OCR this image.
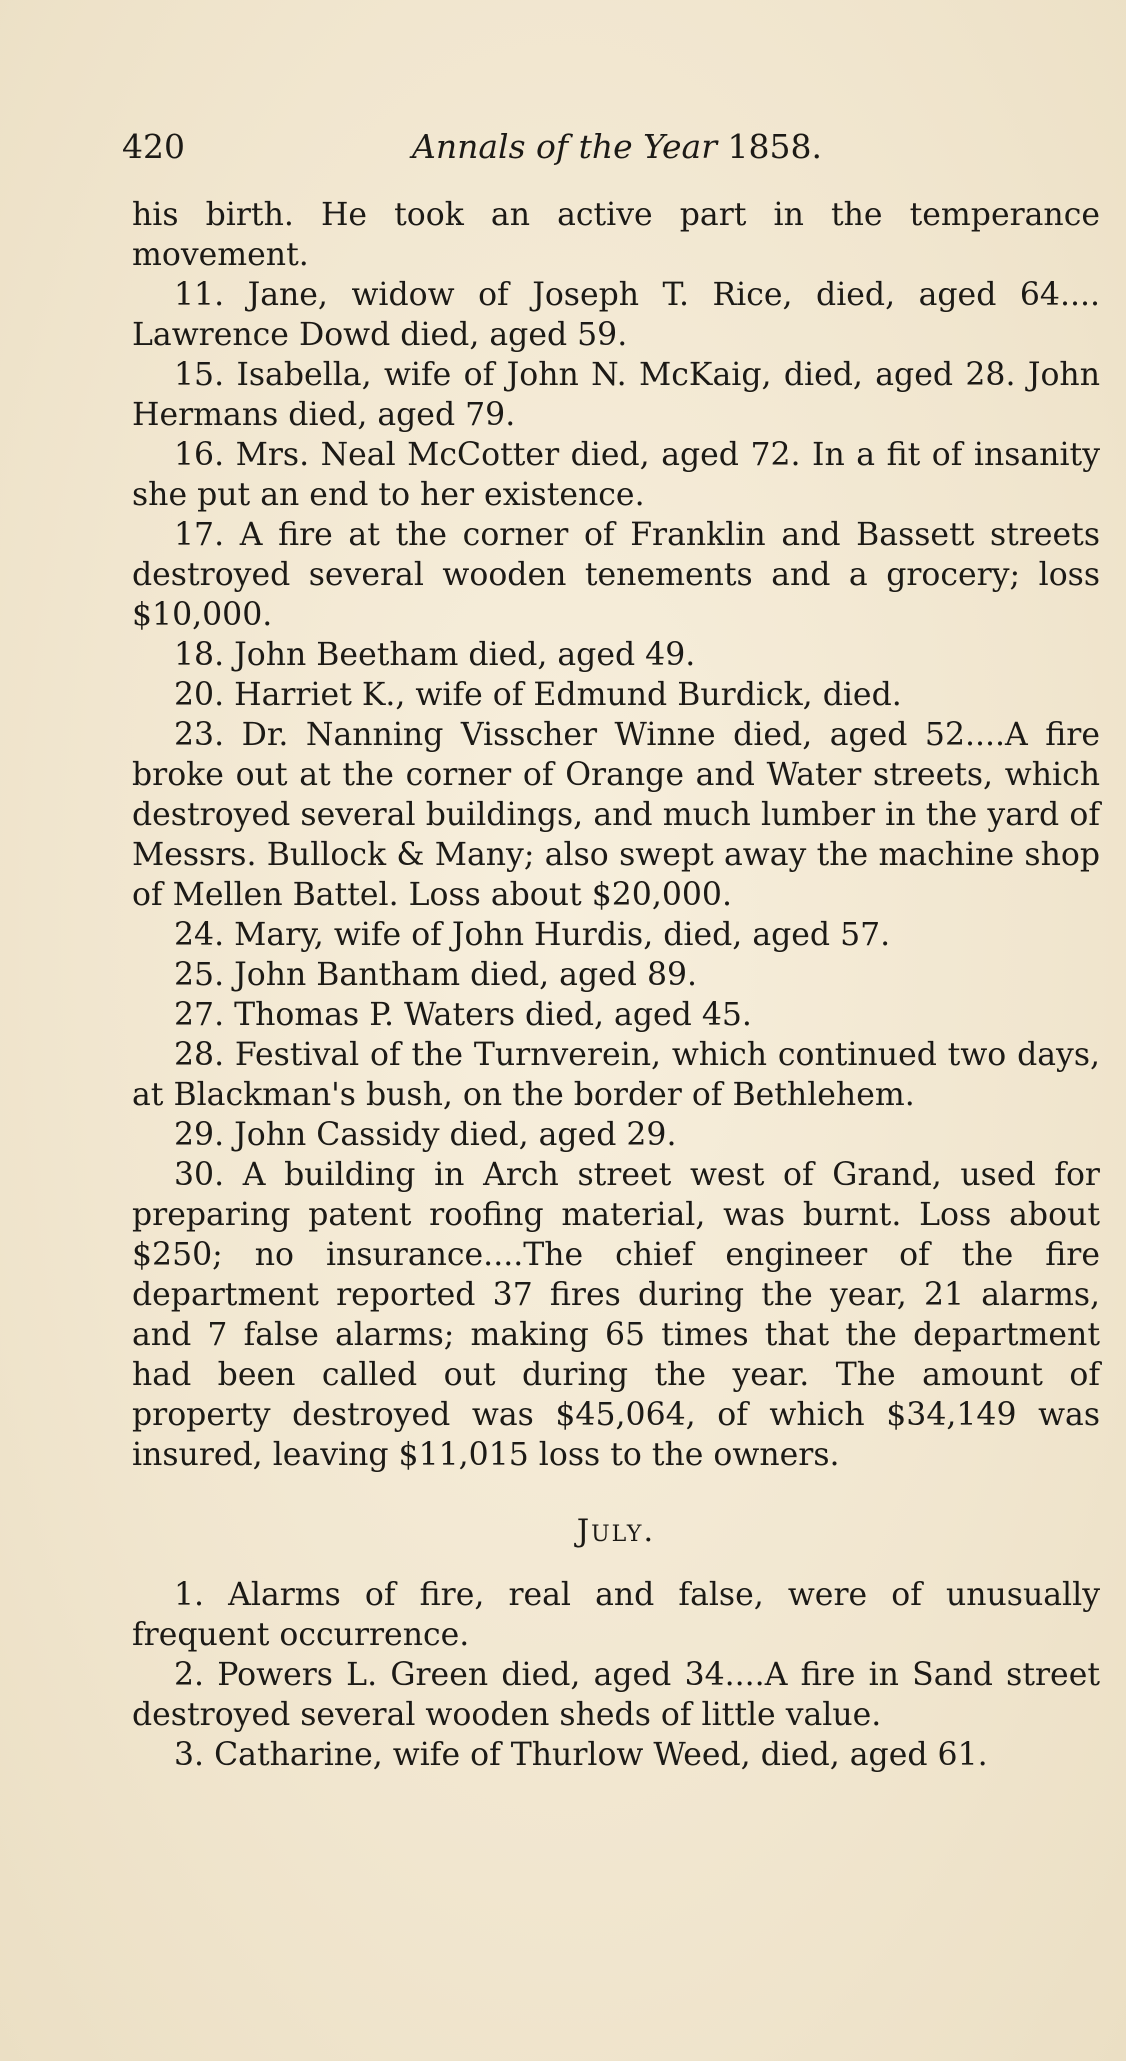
420	Annals of the Year 1858.

his birth. He took an active part in the temperance movement.

11. Jane, widow of Joseph T. Rice, died, aged 64.... Lawrence Dowd died, aged 59.

15. Isabella, wife of John N. McKaig, died, aged 28. John Hermans died, aged 79.

16. Mrs. Neal McCotter died, aged 72. In a fit of insanity she put an end to her existence.

17. A fire at the corner of Franklin and Bassett streets destroyed several wooden tenements and a grocery; loss $10,000.

18. John Beetham died, aged 49.

20. Harriet K., wife of Edmund Burdick, died.

23. Dr. Nanning Visscher Winne died, aged 52....A fire broke out at the corner of Orange and Water streets, which destroyed several buildings, and much lumber in the yard of Messrs. Bullock & Many; also swept away the machine shop of Mellen Battel. Loss about $20,000.

24. Mary, wife of John Hurdis, died, aged 57.

25. John Bantham died, aged 89.

27. Thomas P. Waters died, aged 45.

28. Festival of the Turnverein, which continued two days, at Blackman's bush, on the border of Bethlehem.

29. John Cassidy died, aged 29.

30. A building in Arch street west of Grand, used for preparing patent roofing material, was burnt. Loss about $250; no insurance....The chief engineer of the fire department reported 37 fires during the year, 21 alarms, and 7 false alarms; making 65 times that the department had been called out during the year. The amount of property destroyed was $45,064, of which $34,149 was insured, leaving $11,015 loss to the owners.

July.

1. Alarms of fire, real and false, were of unusually frequent occurrence.

2. Powers L. Green died, aged 34....A fire in Sand street destroyed several wooden sheds of little value.

3. Catharine, wife of Thurlow Weed, died, aged 61.
